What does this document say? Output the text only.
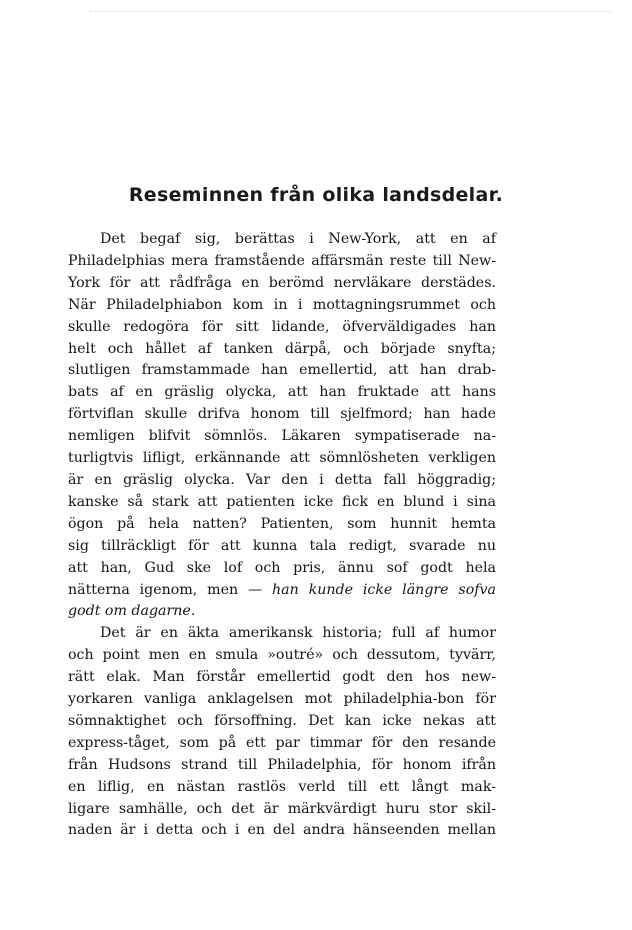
Reseminnen från olika landsdelar.

Det begaf sig, berättas i New-York, att en af
Philadelphias mera framstående affärsmän reste till New-
York för att rådfråga en berömd nervläkare derstädes.
När Philadelphiabon kom in i mottagningsrummet och
skulle redogöra för sitt lidande, öfverväldigades han
helt och hållet af tanken därpå, och började snyfta;
slutligen framstammade han emellertid, att han drab-
bats af en gräslig olycka, att han fruktade att hans
förtviflan skulle drifva honom till sjelfmord; han hade
nemligen blifvit sömnlös. Läkaren sympatiserade na-
turligtvis lifligt, erkännande att sömnlösheten verkligen
är en gräslig olycka. Var den i detta fall höggradig;
kanske så stark att patienten icke fick en blund i sina
ögon på hela natten? Patienten, som hunnit hemta
sig tillräckligt för att kunna tala redigt, svarade nu
att han, Gud ske lof och pris, ännu sof godt hela
nätterna igenom, men — han kunde icke längre sofva
godt om dagarne.

Det är en äkta amerikansk historia; full af humor
och point men en smula »outré» och dessutom, tyvärr,
rätt elak. Man förstår emellertid godt den hos new-
yorkaren vanliga anklagelsen mot philadelphia-bon för
sömnaktighet och försoffning. Det kan icke nekas att
express-tåget, som på ett par timmar för den resande
från Hudsons strand till Philadelphia, för honom ifrån
en liflig, en nästan rastlös verld till ett långt mak-
ligare samhälle, och det är märkvärdigt huru stor skil-
naden är i detta och i en del andra hänseenden mellan
